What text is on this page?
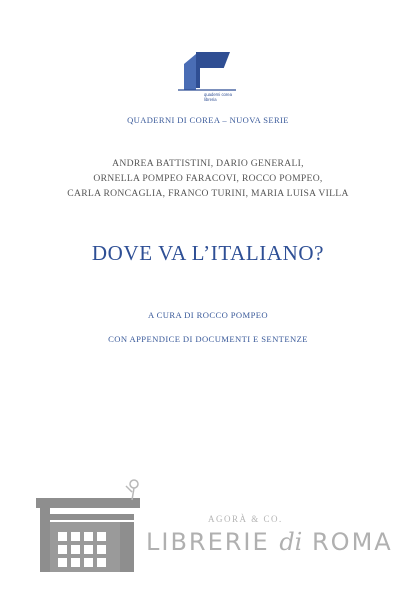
quaderni corea
libreria
QUADERNI DI COREA – NUOVA SERIE
ANDREA BATTISTINI, DARIO GENERALI,
ORNELLA POMPEO FARACOVI, ROCCO POMPEO,
CARLA RONCAGLIA, FRANCO TURINI, MARIA LUISA VILLA
DOVE VA L’ITALIANO?
A CURA DI ROCCO POMPEO
CON APPENDICE DI DOCUMENTI E SENTENZE
AGORÀ & CO.
LIBRERIE di ROMA
